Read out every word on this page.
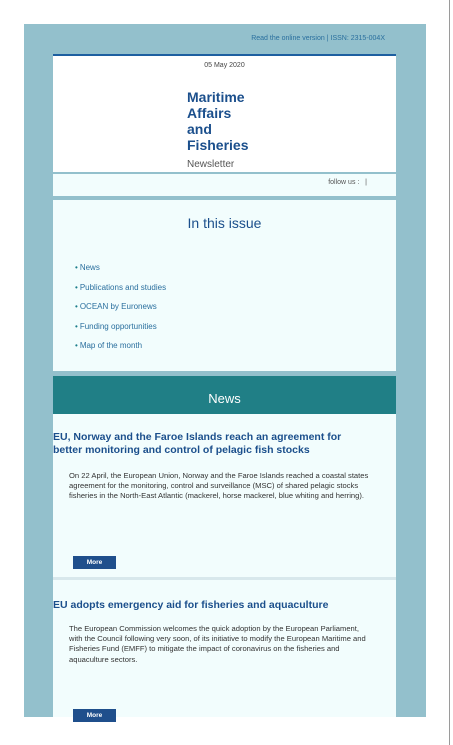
Read the online version | ISSN: 2315-004X
05 May 2020
Maritime
Affairs
and
Fisheries
Newsletter
follow us : |
In this issue
• News
• Publications and studies
• OCEAN by Euronews
• Funding opportunities
• Map of the month
News
EU, Norway and the Faroe Islands reach an agreement for better monitoring and control of pelagic fish stocks
On 22 April, the European Union, Norway and the Faroe Islands reached a coastal states agreement for the monitoring, control and surveillance (MSC) of shared pelagic stocks fisheries in the North-East Atlantic (mackerel, horse mackerel, blue whiting and herring).
More
EU adopts emergency aid for fisheries and aquaculture
The European Commission welcomes the quick adoption by the European Parliament, with the Council following very soon, of its initiative to modify the European Maritime and Fisheries Fund (EMFF) to mitigate the impact of coronavirus on the fisheries and aquaculture sectors.
More
